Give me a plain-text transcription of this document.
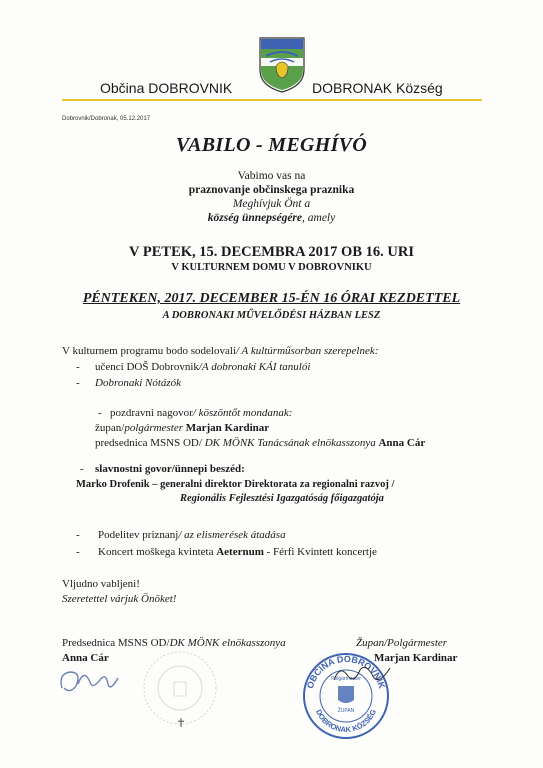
Občina DOBROVNIK	DOBRONAK Község
Dobrovnik/Dobronak, 05.12.2017
VABILO - MEGHÍVÓ
Vabimo vas na
praznovanje občinskega praznika
Meghívjuk Önt a
község ünnepségére, amely
V PETEK, 15. DECEMBRA 2017 OB 16. URI
V KULTURNEM DOMU V DOBROVNIKU
PÉNTEKEN, 2017. DECEMBER 15-ÉN 16 ÓRAI KEZDETTEL
A DOBRONAKI MŰVELŐDÉSI HÁZBAN LESZ
V kulturnem programu bodo sodelovali/ A kultúrműsorban szerepelnek:
- učenci DOŠ Dobrovnik/A dobronaki KÁI tanulói
- Dobronaki Nótázók
- pozdravni nagovor/ köszöntőt mondanak:
župan/polgármester Marjan Kardinar
predsednica MSNS OD/ DK MÖNK Tanácsának elnökasszonya Anna Cár
- slavnostni govor/ünnepi beszéd:
Marko Drofenik – generalni direktor Direktorata za regionalni razvoj /
Regionális Fejlesztési Igazgatóság főigazgatója
- Podelitev priznanj/ az elismerések átadása
- Koncert moškega kvinteta Aeternum - Férfi Kvintett koncertje
Vljudno vabljeni!
Szeretettel várjuk Önöket!
Predsednica MSNS OD/DK MÖNK elnökasszonya
Anna Cár
Župan/Polgármester
Marjan Kardinar
✝
OBČINA DOBROVNIK
DOBRONAK KÖZSÉG
ŽUPAN
Polgármester
